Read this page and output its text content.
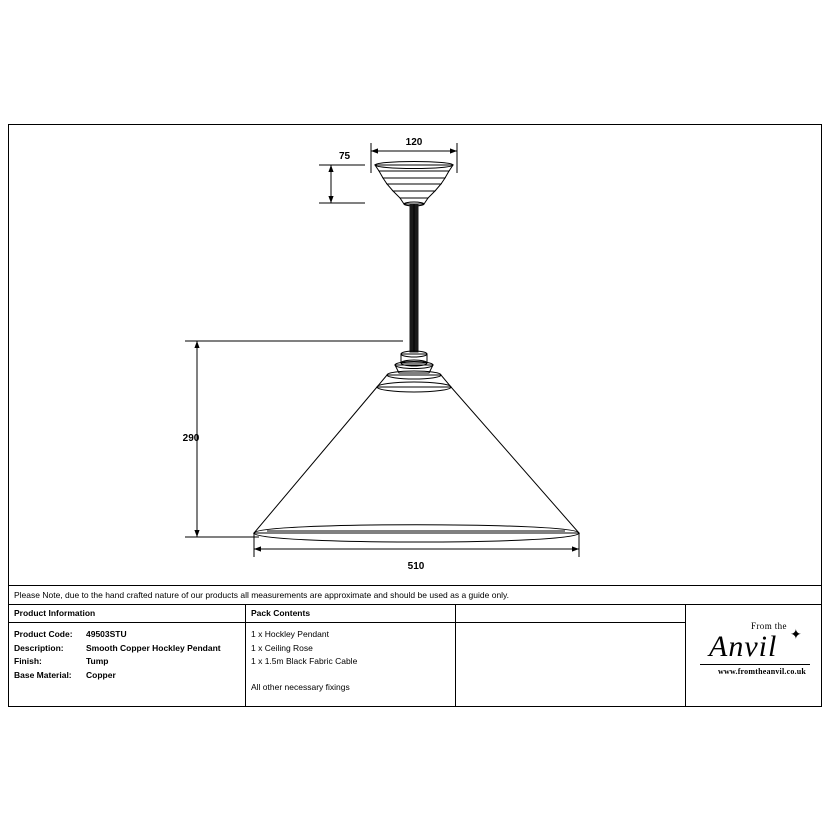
120
75
290
510
Please Note, due to the hand crafted nature of our products all measurements are approximate and should be used as a guide only.
Product Information
Product Code:	49503STU
Description:	Smooth Copper Hockley Pendant
Finish:	Tump
Base Material:	Copper
Pack Contents
1 x Hockley Pendant
1 x Ceiling Rose
1 x 1.5m Black Fabric Cable
All other necessary fixings
From the
Anvil ✦
www.fromtheanvil.co.uk
